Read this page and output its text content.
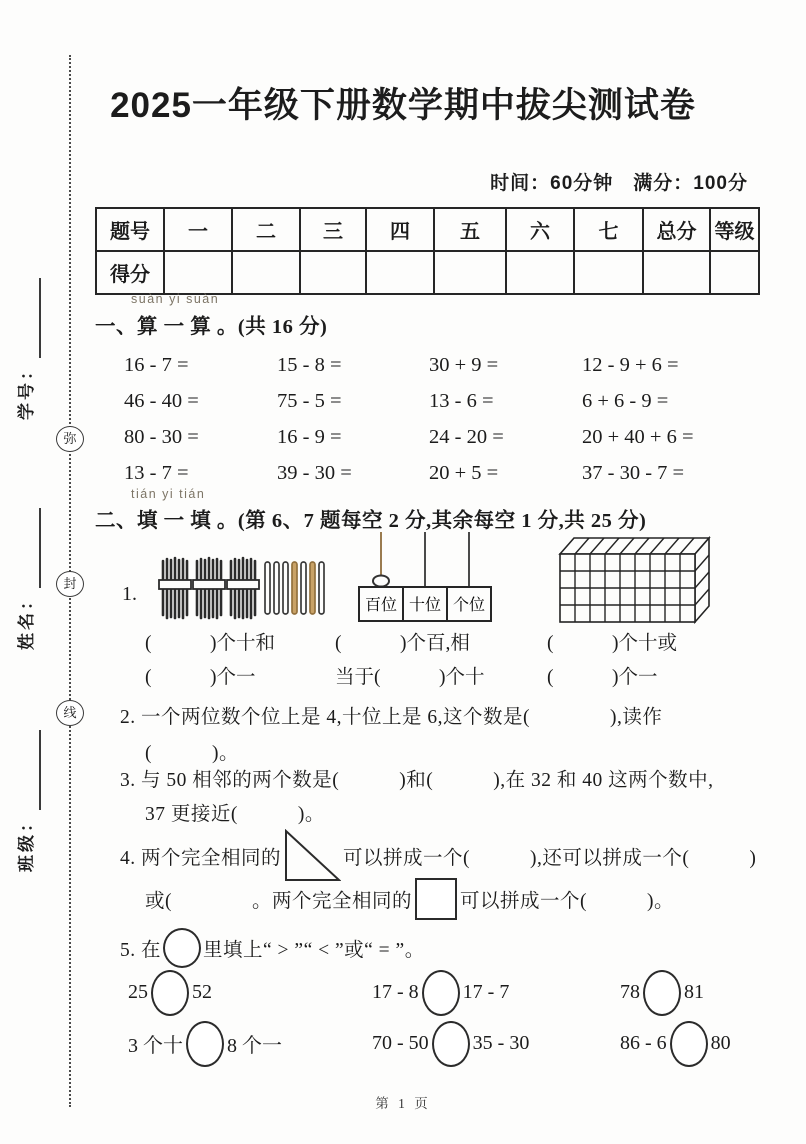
弥
封
线
学号：
姓名：
班级：
2025一年级下册数学期中拔尖测试卷
时间：60分钟　满分：100分
题号	一	二	三	四	五	六	七	总分	等级
得分									
suàn yi suàn
一、算 一 算 。(共 16 分)
16 - 7 =	15 - 8 =	30 + 9 =	12 - 9 + 6 =
46 - 40 =	75 - 5 =	13 - 6 =	6 + 6 - 9 =
80 - 30 =	16 - 9 =	24 - 20 =	20 + 40 + 6 =
13 - 7 =	39 - 30 =	20 + 5 =	37 - 30 - 7 =
tián yi tián
二、填 一 填 。(第 6、7 题每空 2 分,其余每空 1 分,共 25 分)
1.
百位 十位 个位
(　　　)个十和	(　　　)个百,相	(　　　)个十或
(　　　)个一	当于(　　　)个十	(　　　)个一
2. 一个两位数个位上是 4,十位上是 6,这个数是(　　　　),读作
(　　　)。
3. 与 50 相邻的两个数是(　　　)和(　　　),在 32 和 40 这两个数中,
37 更接近(　　　)。
4. 两个完全相同的	可以拼成一个(　　　),还可以拼成一个(　　　)
或(　　　　。两个完全相同的 可以拼成一个(　　　)。
5. 在 里填上“ > ”“ < ”或“ = ”。
25 52	17 - 8 17 - 7	78 81
3 个十 8 个一	70 - 50 35 - 30	86 - 6 80
第 1 页
